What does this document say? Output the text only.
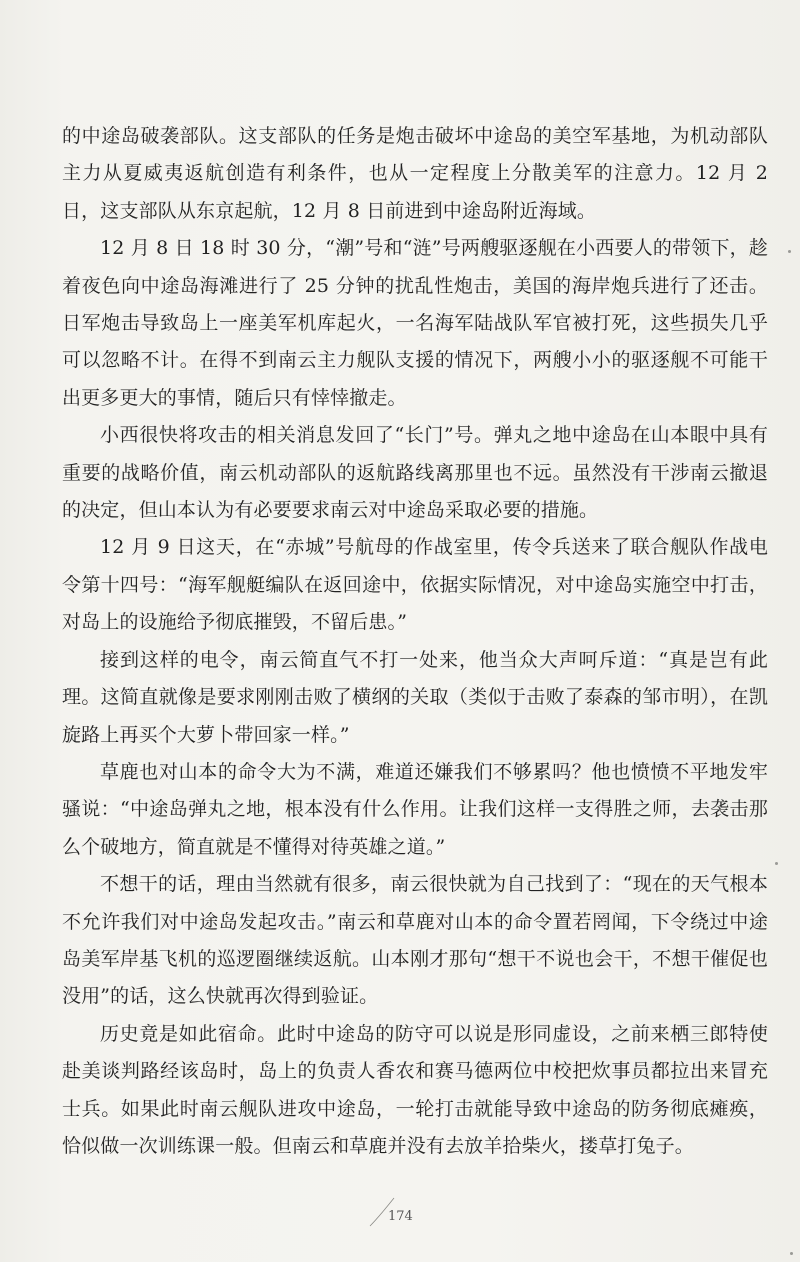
的中途岛破袭部队。这支部队的任务是炮击破坏中途岛的美空军基地，为机动部队主力从夏威夷返航创造有利条件，也从一定程度上分散美军的注意力。12 月 2 日，这支部队从东京起航，12 月 8 日前进到中途岛附近海域。

12 月 8 日 18 时 30 分，“潮”号和“涟”号两艘驱逐舰在小西要人的带领下，趁着夜色向中途岛海滩进行了 25 分钟的扰乱性炮击，美国的海岸炮兵进行了还击。日军炮击导致岛上一座美军机库起火，一名海军陆战队军官被打死，这些损失几乎可以忽略不计。在得不到南云主力舰队支援的情况下，两艘小小的驱逐舰不可能干出更多更大的事情，随后只有悻悻撤走。

小西很快将攻击的相关消息发回了“长门”号。弹丸之地中途岛在山本眼中具有重要的战略价值，南云机动部队的返航路线离那里也不远。虽然没有干涉南云撤退的决定，但山本认为有必要要求南云对中途岛采取必要的措施。

12 月 9 日这天，在“赤城”号航母的作战室里，传令兵送来了联合舰队作战电令第十四号：“海军舰艇编队在返回途中，依据实际情况，对中途岛实施空中打击，对岛上的设施给予彻底摧毁，不留后患。”

接到这样的电令，南云简直气不打一处来，他当众大声呵斥道：“真是岂有此理。这简直就像是要求刚刚击败了横纲的关取（类似于击败了泰森的邹市明），在凯旋路上再买个大萝卜带回家一样。”

草鹿也对山本的命令大为不满，难道还嫌我们不够累吗？他也愤愤不平地发牢骚说：“中途岛弹丸之地，根本没有什么作用。让我们这样一支得胜之师，去袭击那么个破地方，简直就是不懂得对待英雄之道。”

不想干的话，理由当然就有很多，南云很快就为自己找到了：“现在的天气根本不允许我们对中途岛发起攻击。”南云和草鹿对山本的命令置若罔闻，下令绕过中途岛美军岸基飞机的巡逻圈继续返航。山本刚才那句“想干不说也会干，不想干催促也没用”的话，这么快就再次得到验证。

历史竟是如此宿命。此时中途岛的防守可以说是形同虚设，之前来栖三郎特使赴美谈判路经该岛时，岛上的负责人香农和赛马德两位中校把炊事员都拉出来冒充士兵。如果此时南云舰队进攻中途岛，一轮打击就能导致中途岛的防务彻底瘫痪，恰似做一次训练课一般。但南云和草鹿并没有去放羊拾柴火，搂草打兔子。

174
